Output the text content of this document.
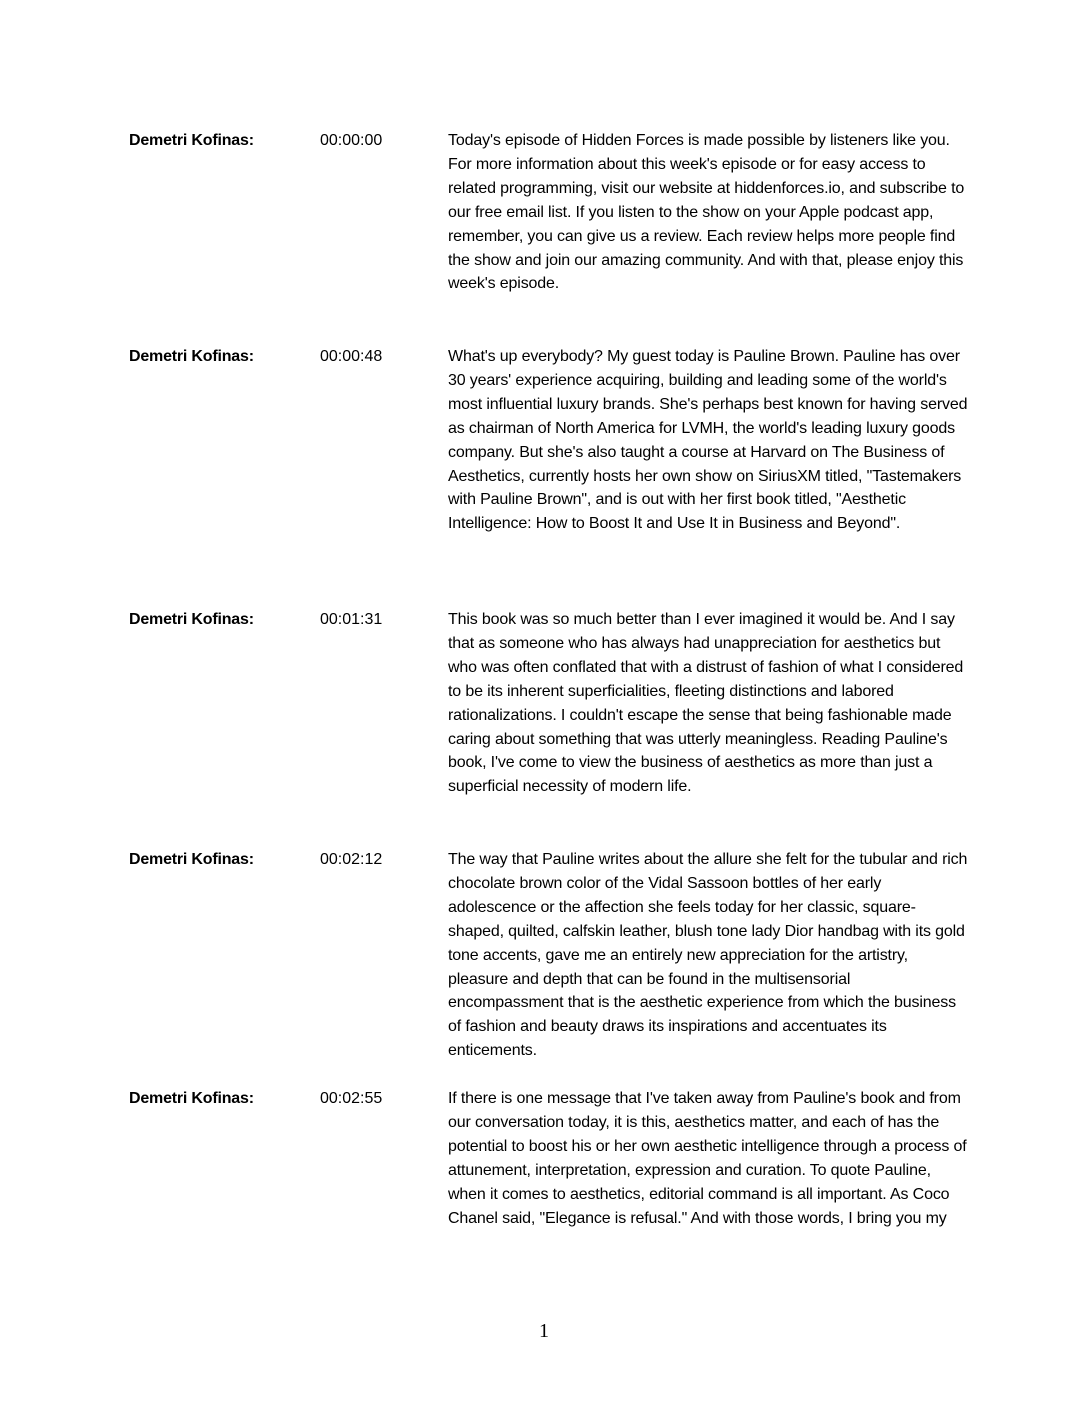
Demetri Kofinas:	00:00:00	Today's episode of Hidden Forces is made possible by listeners like you. For more information about this week's episode or for easy access to related programming, visit our website at hiddenforces.io, and subscribe to our free email list. If you listen to the show on your Apple podcast app, remember, you can give us a review. Each review helps more people find the show and join our amazing community. And with that, please enjoy this week's episode.
Demetri Kofinas:	00:00:48	What's up everybody? My guest today is Pauline Brown. Pauline has over 30 years' experience acquiring, building and leading some of the world's most influential luxury brands. She's perhaps best known for having served as chairman of North America for LVMH, the world's leading luxury goods company. But she's also taught a course at Harvard on The Business of Aesthetics, currently hosts her own show on SiriusXM titled, "Tastemakers with Pauline Brown", and is out with her first book titled, "Aesthetic Intelligence: How to Boost It and Use It in Business and Beyond".
Demetri Kofinas:	00:01:31	This book was so much better than I ever imagined it would be. And I say that as someone who has always had unappreciation for aesthetics but who was often conflated that with a distrust of fashion of what I considered to be its inherent superficialities, fleeting distinctions and labored rationalizations. I couldn't escape the sense that being fashionable made caring about something that was utterly meaningless. Reading Pauline's book, I've come to view the business of aesthetics as more than just a superficial necessity of modern life.
Demetri Kofinas:	00:02:12	The way that Pauline writes about the allure she felt for the tubular and rich chocolate brown color of the Vidal Sassoon bottles of her early adolescence or the affection she feels today for her classic, square-shaped, quilted, calfskin leather, blush tone lady Dior handbag with its gold tone accents, gave me an entirely new appreciation for the artistry, pleasure and depth that can be found in the multisensorial encompassment that is the aesthetic experience from which the business of fashion and beauty draws its inspirations and accentuates its enticements.
Demetri Kofinas:	00:02:55	If there is one message that I've taken away from Pauline's book and from our conversation today, it is this, aesthetics matter, and each of has the potential to boost his or her own aesthetic intelligence through a process of attunement, interpretation, expression and curation. To quote Pauline, when it comes to aesthetics, editorial command is all important. As Coco Chanel said, "Elegance is refusal." And with those words, I bring you my
1
